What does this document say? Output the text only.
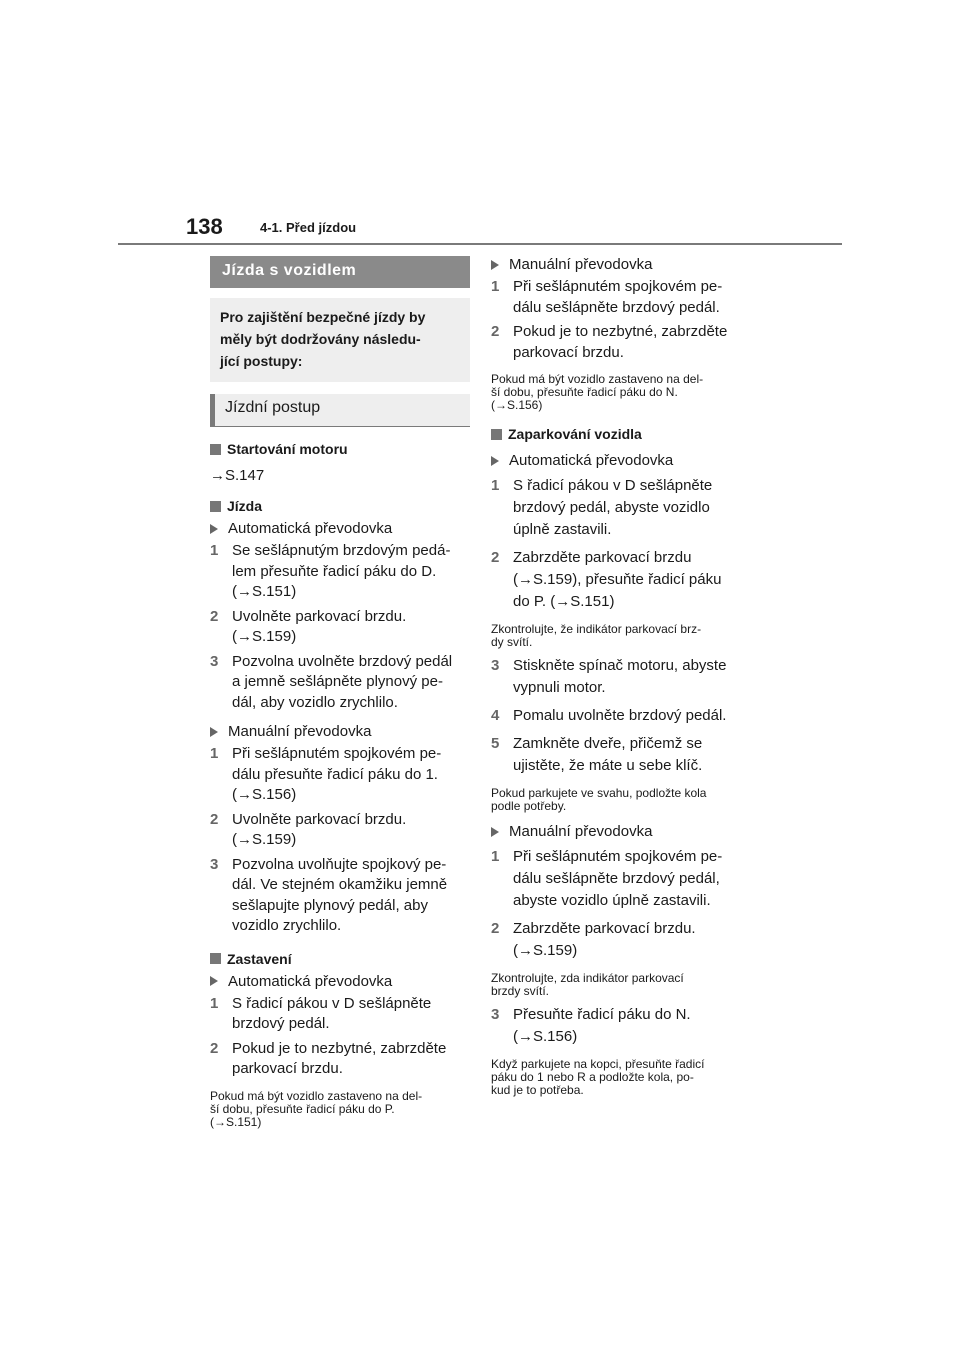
138	4-1. Před jízdou
Jízda s vozidlem
Pro zajištění bezpečné jízdy by
měly být dodržovány následu-
jící postupy:
Jízdní postup
Startování motoru
→S.147
Jízda
Automatická převodovka
1 Se sešlápnutým brzdovým pedá-
lem přesuňte řadicí páku do D.
(→S.151)
2 Uvolněte parkovací brzdu.
(→S.159)
3 Pozvolna uvolněte brzdový pedál
a jemně sešlápněte plynový pe-
dál, aby vozidlo zrychlilo.
Manuální převodovka
1 Při sešlápnutém spojkovém pe-
dálu přesuňte řadicí páku do 1.
(→S.156)
2 Uvolněte parkovací brzdu.
(→S.159)
3 Pozvolna uvolňujte spojkový pe-
dál. Ve stejném okamžiku jemně
sešlapujte plynový pedál, aby
vozidlo zrychlilo.
Zastavení
Automatická převodovka
1 S řadicí pákou v D sešlápněte
brzdový pedál.
2 Pokud je to nezbytné, zabrzděte
parkovací brzdu.
Pokud má být vozidlo zastaveno na del-
ší dobu, přesuňte řadicí páku do P.
(→S.151)
Manuální převodovka
1 Při sešlápnutém spojkovém pe-
dálu sešlápněte brzdový pedál.
2 Pokud je to nezbytné, zabrzděte
parkovací brzdu.
Pokud má být vozidlo zastaveno na del-
ší dobu, přesuňte řadicí páku do N.
(→S.156)
Zaparkování vozidla
Automatická převodovka
1 S řadicí pákou v D sešlápněte
brzdový pedál, abyste vozidlo
úplně zastavili.
2 Zabrzděte parkovací brzdu
(→S.159), přesuňte řadicí páku
do P. (→S.151)
Zkontrolujte, že indikátor parkovací brz-
dy svítí.
3 Stiskněte spínač motoru, abyste
vypnuli motor.
4 Pomalu uvolněte brzdový pedál.
5 Zamkněte dveře, přičemž se
ujistěte, že máte u sebe klíč.
Pokud parkujete ve svahu, podložte kola
podle potřeby.
Manuální převodovka
1 Při sešlápnutém spojkovém pe-
dálu sešlápněte brzdový pedál,
abyste vozidlo úplně zastavili.
2 Zabrzděte parkovací brzdu.
(→S.159)
Zkontrolujte, zda indikátor parkovací
brzdy svítí.
3 Přesuňte řadicí páku do N.
(→S.156)
Když parkujete na kopci, přesuňte řadicí
páku do 1 nebo R a podložte kola, po-
kud je to potřeba.
